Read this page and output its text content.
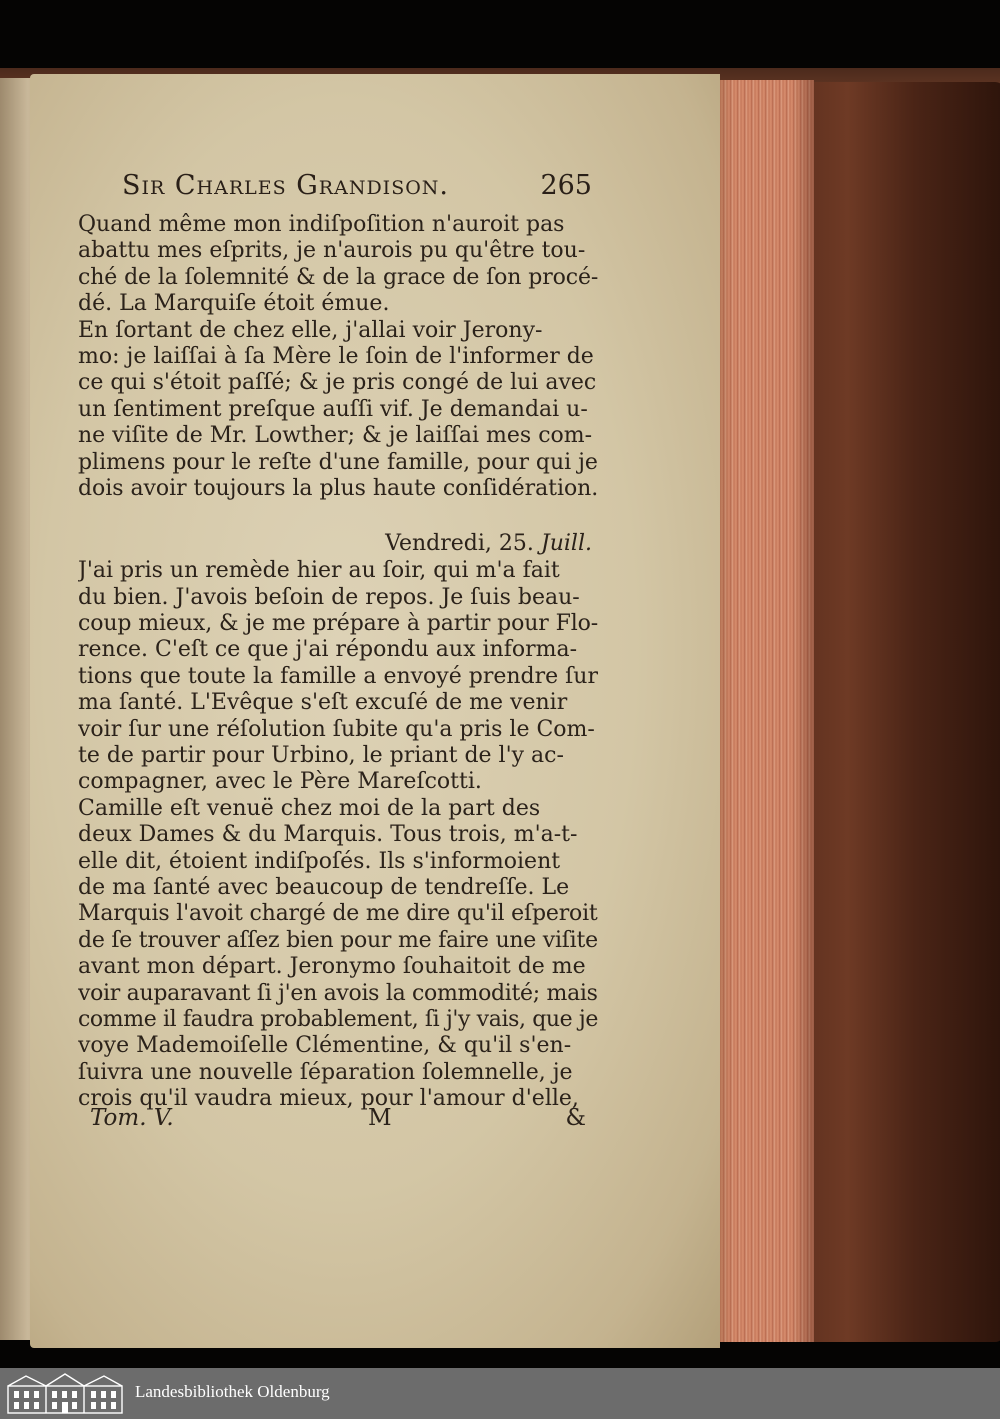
Sir Charles Grandison.	265
Quand même mon indiſpoſition n'auroit pas
abattu mes eſprits, je n'aurois pu qu'être tou-
ché de la ſolemnité & de la grace de ſon procé-
dé. La Marquiſe étoit émue.
En ſortant de chez elle, j'allai voir Jerony-
mo: je laiſſai à ſa Mère le ſoin de l'informer de
ce qui s'étoit paſſé; & je pris congé de lui avec
un ſentiment preſque auſſi vif. Je demandai u-
ne viſite de Mr. Lowther; & je laiſſai mes com-
plimens pour le reſte d'une famille, pour qui je
dois avoir toujours la plus haute conſidération.
Vendredi, 25. Juill.
J'ai pris un remède hier au ſoir, qui m'a fait
du bien. J'avois beſoin de repos. Je ſuis beau-
coup mieux, & je me prépare à partir pour Flo-
rence. C'eſt ce que j'ai répondu aux informa-
tions que toute la famille a envoyé prendre ſur
ma ſanté. L'Evêque s'eſt excuſé de me venir
voir ſur une réſolution ſubite qu'a pris le Com-
te de partir pour Urbino, le priant de l'y ac-
compagner, avec le Père Mareſcotti.
Camille eſt venuë chez moi de la part des
deux Dames & du Marquis. Tous trois, m'a-t-
elle dit, étoient indiſpoſés. Ils s'informoient
de ma ſanté avec beaucoup de tendreſſe. Le
Marquis l'avoit chargé de me dire qu'il eſperoit
de ſe trouver aſſez bien pour me faire une viſite
avant mon départ. Jeronymo ſouhaitoit de me
voir auparavant ſi j'en avois la commodité; mais
comme il faudra probablement, ſi j'y vais, que je
voye Mademoiſelle Clémentine, & qu'il s'en-
ſuivra une nouvelle ſéparation ſolemnelle, je
crois qu'il vaudra mieux, pour l'amour d'elle,
Tom. V.	M	&
Landesbibliothek Oldenburg
